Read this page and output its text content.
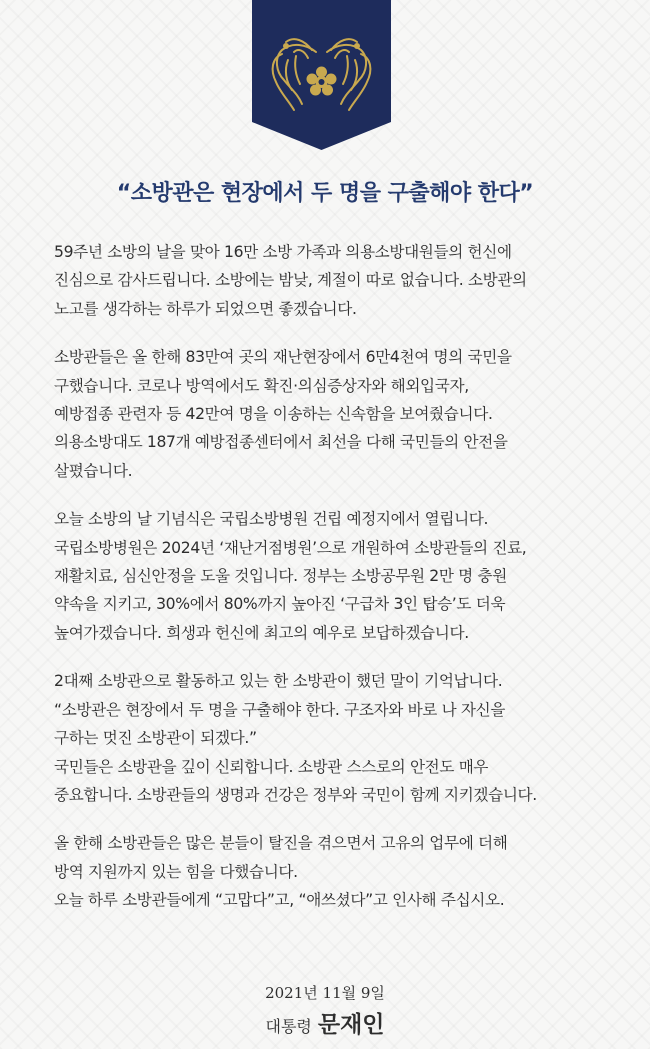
“소방관은 현장에서 두 명을 구출해야 한다”
59주년 소방의 날을 맞아 16만 소방 가족과 의용소방대원들의 헌신에
진심으로 감사드립니다. 소방에는 밤낮, 계절이 따로 없습니다. 소방관의
노고를 생각하는 하루가 되었으면 좋겠습니다.
소방관들은 올 한해 83만여 곳의 재난현장에서 6만4천여 명의 국민을
구했습니다. 코로나 방역에서도 확진·의심증상자와 해외입국자,
예방접종 관련자 등 42만여 명을 이송하는 신속함을 보여줬습니다.
의용소방대도 187개 예방접종센터에서 최선을 다해 국민들의 안전을
살폈습니다.
오늘 소방의 날 기념식은 국립소방병원 건립 예정지에서 열립니다.
국립소방병원은 2024년 ‘재난거점병원’으로 개원하여 소방관들의 진료,
재활치료, 심신안정을 도울 것입니다. 정부는 소방공무원 2만 명 충원
약속을 지키고, 30%에서 80%까지 높아진 ‘구급차 3인 탑승’도 더욱
높여가겠습니다. 희생과 헌신에 최고의 예우로 보답하겠습니다.
2대째 소방관으로 활동하고 있는 한 소방관이 했던 말이 기억납니다.
“소방관은 현장에서 두 명을 구출해야 한다. 구조자와 바로 나 자신을
구하는 멋진 소방관이 되겠다.”
국민들은 소방관을 깊이 신뢰합니다. 소방관 스스로의 안전도 매우
중요합니다. 소방관들의 생명과 건강은 정부와 국민이 함께 지키겠습니다.
올 한해 소방관들은 많은 분들이 탈진을 겪으면서 고유의 업무에 더해
방역 지원까지 있는 힘을 다했습니다.
오늘 하루 소방관들에게 “고맙다”고, “애쓰셨다”고 인사해 주십시오.
2021년 11월 9일
대통령 문재인
